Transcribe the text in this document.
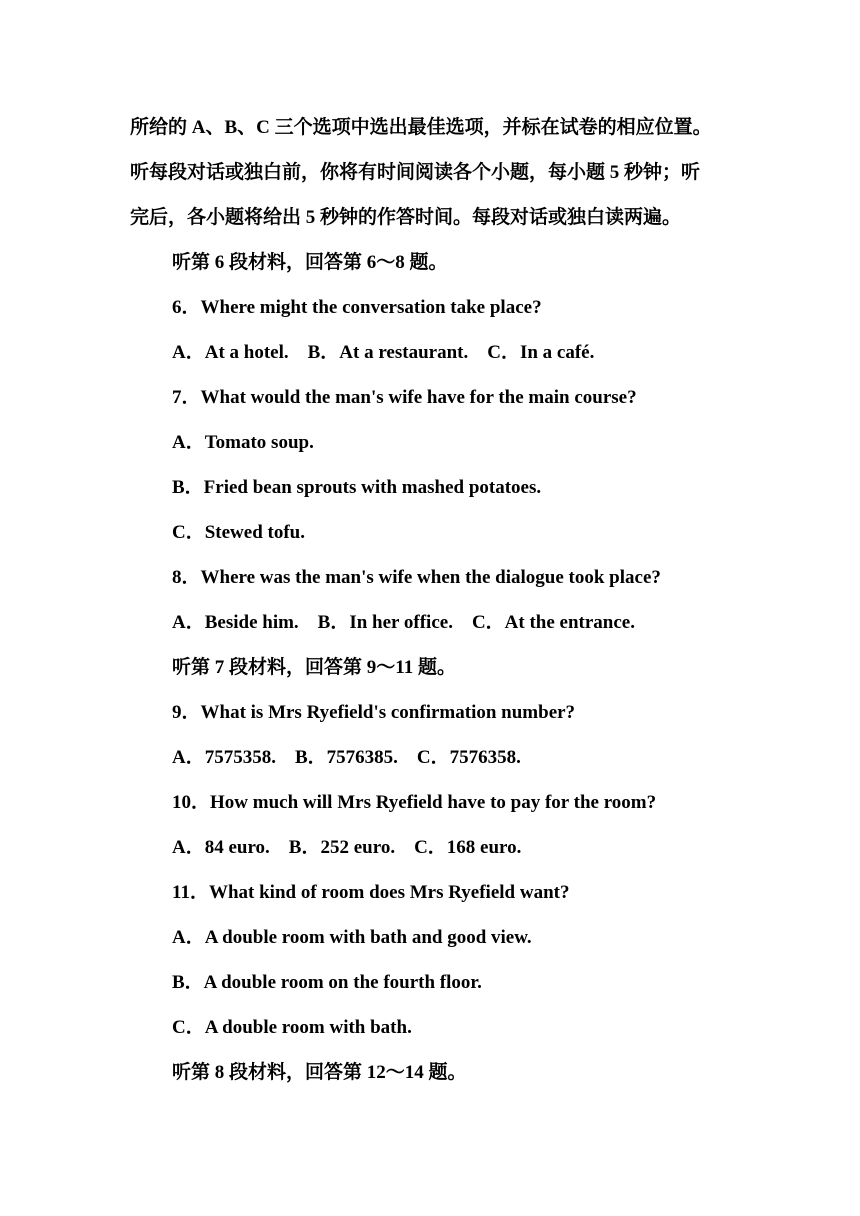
所给的 A、B、C 三个选项中选出最佳选项，并标在试卷的相应位置。
听每段对话或独白前，你将有时间阅读各个小题，每小题 5 秒钟；听
完后，各小题将给出 5 秒钟的作答时间。每段对话或独白读两遍。
听第 6 段材料，回答第 6～8 题。
6．Where might the conversation take place?
A．At a hotel.    B．At a restaurant.    C．In a café.
7．What would the man's wife have for the main course?
A．Tomato soup.
B．Fried bean sprouts with mashed potatoes.
C．Stewed tofu.
8．Where was the man's wife when the dialogue took place?
A．Beside him.    B．In her office.    C．At the entrance.
听第 7 段材料，回答第 9～11 题。
9．What is Mrs Ryefield's confirmation number?
A．7575358.    B．7576385.    C．7576358.
10．How much will Mrs Ryefield have to pay for the room?
A．84 euro.    B．252 euro.    C．168 euro.
11．What kind of room does Mrs Ryefield want?
A．A double room with bath and good view.
B．A double room on the fourth floor.
C．A double room with bath.
听第 8 段材料，回答第 12～14 题。
